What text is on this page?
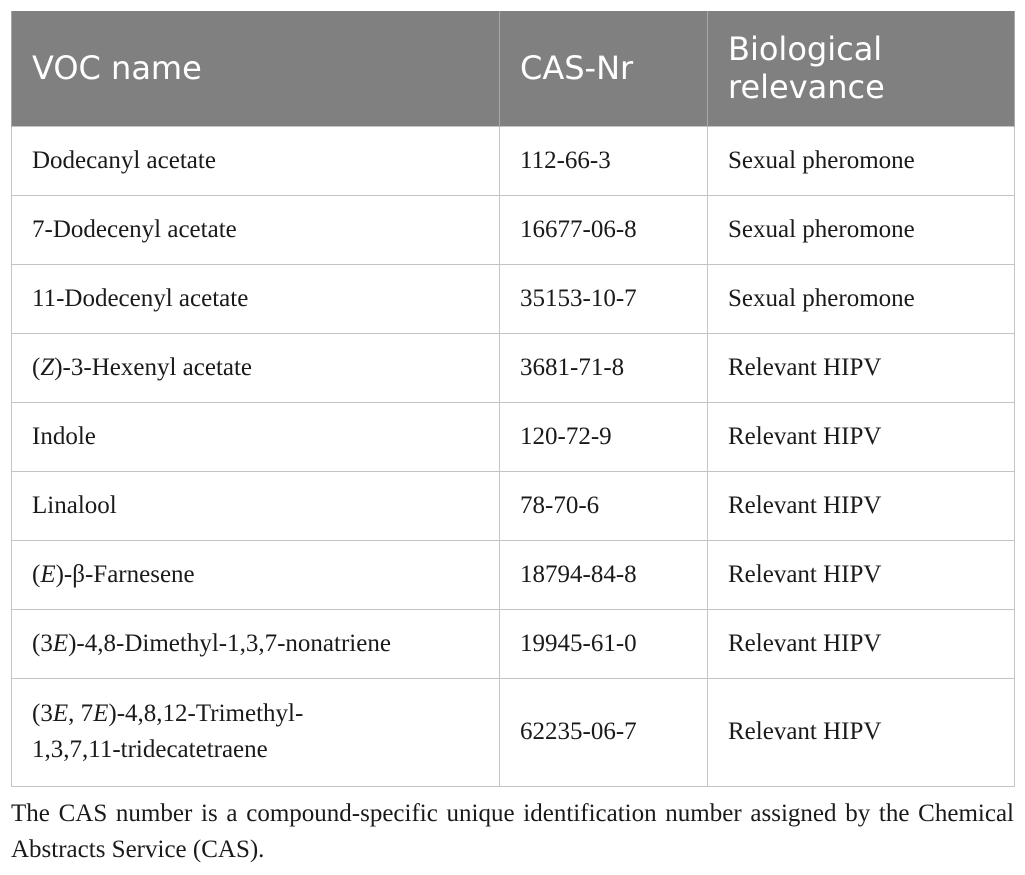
VOC name	CAS-Nr	Biological relevance
Dodecanyl acetate	112-66-3	Sexual pheromone
7-Dodecenyl acetate	16677-06-8	Sexual pheromone
11-Dodecenyl acetate	35153-10-7	Sexual pheromone
(Z)-3-Hexenyl acetate	3681-71-8	Relevant HIPV
Indole	120-72-9	Relevant HIPV
Linalool	78-70-6	Relevant HIPV
(E)-β-Farnesene	18794-84-8	Relevant HIPV
(3E)-4,8-Dimethyl-1,3,7-nonatriene	19945-61-0	Relevant HIPV
(3E, 7E)-4,8,12-Trimethyl-1,3,7,11-tridecatetraene	62235-06-7	Relevant HIPV
The CAS number is a compound-specific unique identification number assigned by the Chemical Abstracts Service (CAS).
